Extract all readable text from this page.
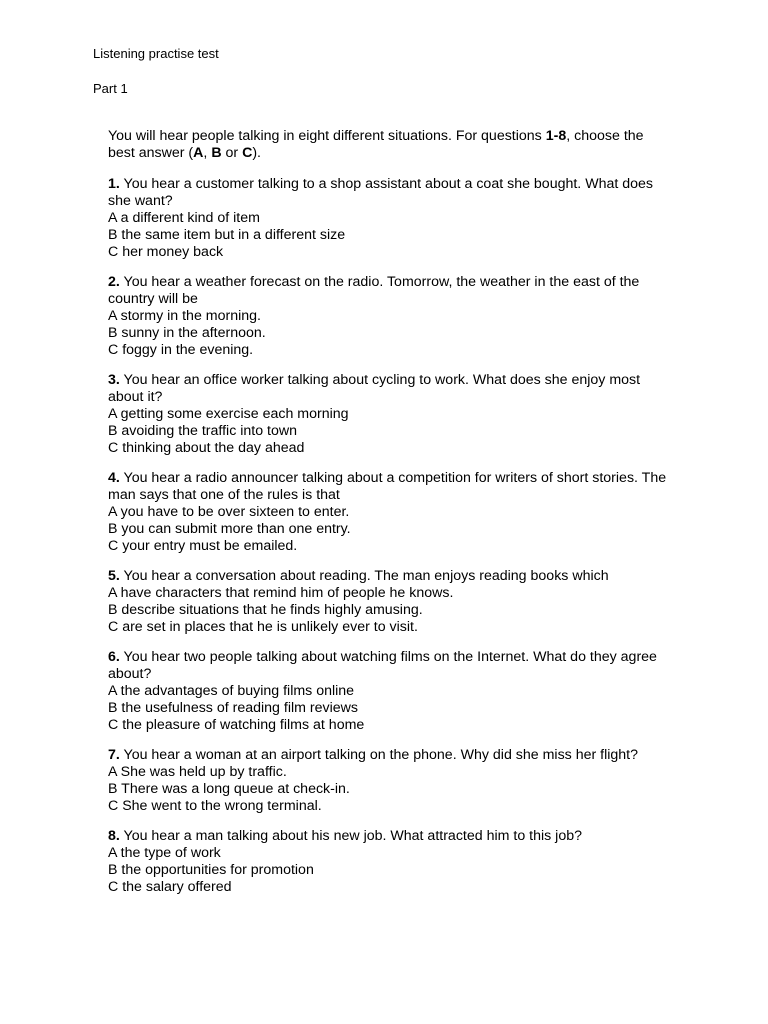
Listening practise test
Part 1

You will hear people talking in eight different situations. For questions 1-8, choose the best answer (A, B or C).

1. You hear a customer talking to a shop assistant about a coat she bought. What does she want?
A a different kind of item
B the same item but in a different size
C her money back
2. You hear a weather forecast on the radio. Tomorrow, the weather in the east of the country will be
A stormy in the morning.
B sunny in the afternoon.
C foggy in the evening.
3. You hear an office worker talking about cycling to work. What does she enjoy most about it?
A getting some exercise each morning
B avoiding the traffic into town
C thinking about the day ahead
4. You hear a radio announcer talking about a competition for writers of short stories. The man says that one of the rules is that
A you have to be over sixteen to enter.
B you can submit more than one entry.
C your entry must be emailed.
5. You hear a conversation about reading. The man enjoys reading books which
A have characters that remind him of people he knows.
B describe situations that he finds highly amusing.
C are set in places that he is unlikely ever to visit.
6. You hear two people talking about watching films on the Internet. What do they agree about?
A the advantages of buying films online
B the usefulness of reading film reviews
C the pleasure of watching films at home
7. You hear a woman at an airport talking on the phone. Why did she miss her flight?
A She was held up by traffic.
B There was a long queue at check-in.
C She went to the wrong terminal.
8. You hear a man talking about his new job. What attracted him to this job?
A the type of work
B the opportunities for promotion
C the salary offered
